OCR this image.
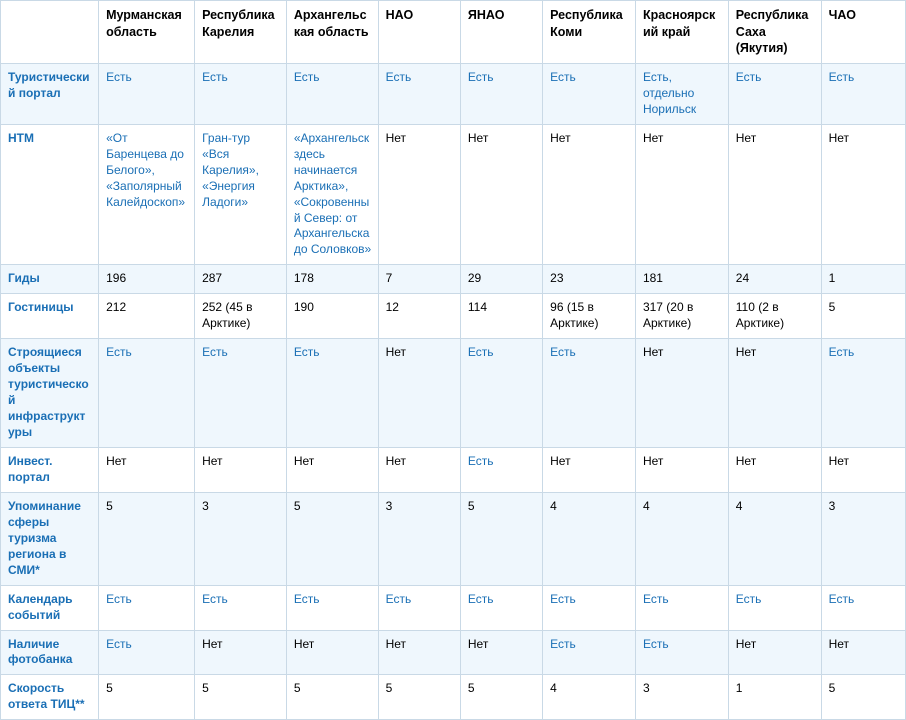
	Мурманская область	Республика Карелия	Архангельская область	НАО	ЯНАО	Республика Коми	Красноярский край	Республика Саха (Якутия)	ЧАО
Туристический портал	Есть	Есть	Есть	Есть	Есть	Есть	Есть, отдельно Норильск	Есть	Есть
НТМ	«От Баренцева до Белого», «Заполярный Калейдоскоп»	Гран-тур «Вся Карелия», «Энергия Ладоги»	«Архангельск здесь начинается Арктика», «Сокровенный Север: от Архангельска до Соловков»	Нет	Нет	Нет	Нет	Нет	Нет
Гиды	196	287	178	7	29	23	181	24	1
Гостиницы	212	252 (45 в Арктике)	190	12	114	96 (15 в Арктике)	317 (20 в Арктике)	110 (2 в Арктике)	5
Строящиеся объекты туристической инфраструктуры	Есть	Есть	Есть	Нет	Есть	Есть	Нет	Нет	Есть
Инвест. портал	Нет	Нет	Нет	Нет	Есть	Нет	Нет	Нет	Нет
Упоминание сферы туризма региона в СМИ*	5	3	5	3	5	4	4	4	3
Календарь событий	Есть	Есть	Есть	Есть	Есть	Есть	Есть	Есть	Есть
Наличие фотобанка	Есть	Нет	Нет	Нет	Нет	Есть	Есть	Нет	Нет
Скорость ответа ТИЦ**	5	5	5	5	5	4	3	1	5
